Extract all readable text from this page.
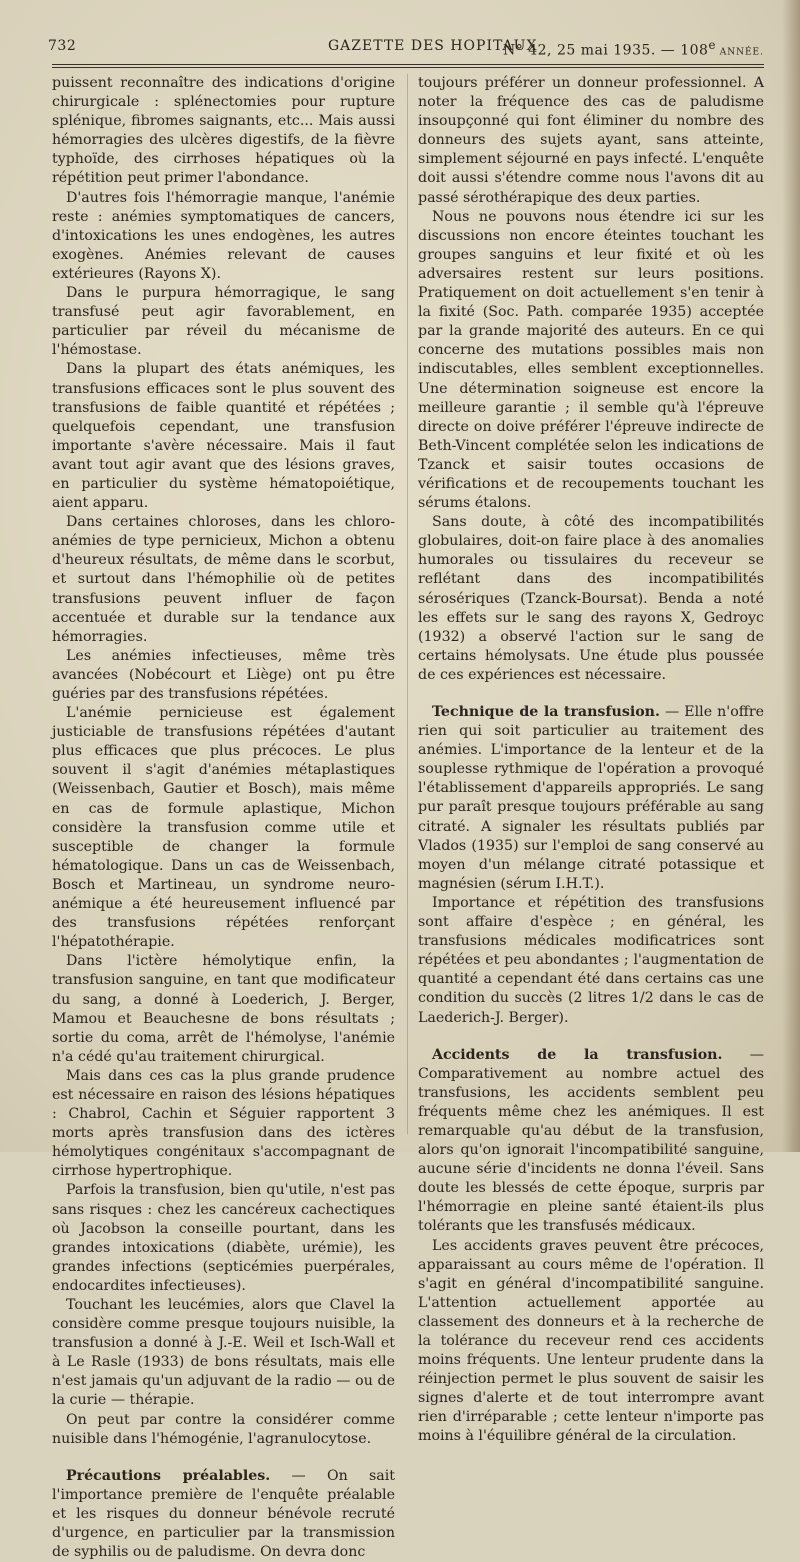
732	GAZETTE DES HOPITAUX
N° 42, 25 mai 1935. — 108e ANNÉE.

puissent reconnaître des indications d'origine chirurgicale : splénectomies pour rupture splénique, fibromes saignants, etc... Mais aussi hémorragies des ulcères digestifs, de la fièvre typhoïde, des cirrhoses hépatiques où la répétition peut primer l'abondance.

D'autres fois l'hémorragie manque, l'anémie reste : anémies symptomatiques de cancers, d'intoxications les unes endogènes, les autres exogènes. Anémies relevant de causes extérieures (Rayons X).

Dans le purpura hémorragique, le sang transfusé peut agir favorablement, en particulier par réveil du mécanisme de l'hémostase.

Dans la plupart des états anémiques, les transfusions efficaces sont le plus souvent des transfusions de faible quantité et répétées ; quelquefois cependant, une transfusion importante s'avère nécessaire. Mais il faut avant tout agir avant que des lésions graves, en particulier du système hématopoiétique, aient apparu.

Dans certaines chloroses, dans les chloro-anémies de type pernicieux, Michon a obtenu d'heureux résultats, de même dans le scorbut, et surtout dans l'hémophilie où de petites transfusions peuvent influer de façon accentuée et durable sur la tendance aux hémorragies.

Les anémies infectieuses, même très avancées (Nobécourt et Liège) ont pu être guéries par des transfusions répétées.

L'anémie pernicieuse est également justiciable de transfusions répétées d'autant plus efficaces que plus précoces. Le plus souvent il s'agit d'anémies métaplastiques (Weissenbach, Gautier et Bosch), mais même en cas de formule aplastique, Michon considère la transfusion comme utile et susceptible de changer la formule hématologique. Dans un cas de Weissenbach, Bosch et Martineau, un syndrome neuro-anémique a été heureusement influencé par des transfusions répétées renforçant l'hépatothérapie.

Dans l'ictère hémolytique enfin, la transfusion sanguine, en tant que modificateur du sang, a donné à Loederich, J. Berger, Mamou et Beauchesne de bons résultats ; sortie du coma, arrêt de l'hémolyse, l'anémie n'a cédé qu'au traitement chirurgical.

Mais dans ces cas la plus grande prudence est nécessaire en raison des lésions hépatiques : Chabrol, Cachin et Séguier rapportent 3 morts après transfusion dans des ictères hémolytiques congénitaux s'accompagnant de cirrhose hypertrophique.

Parfois la transfusion, bien qu'utile, n'est pas sans risques : chez les cancéreux cachectiques où Jacobson la conseille pourtant, dans les grandes intoxications (diabète, urémie), les grandes infections (septicémies puerpérales, endocardites infectieuses).

Touchant les leucémies, alors que Clavel la considère comme presque toujours nuisible, la transfusion a donné à J.-E. Weil et Isch-Wall et à Le Rasle (1933) de bons résultats, mais elle n'est jamais qu'un adjuvant de la radio — ou de la curie — thérapie.

On peut par contre la considérer comme nuisible dans l'hémogénie, l'agranulocytose.

Précautions préalables. — On sait l'importance première de l'enquête préalable et les risques du donneur bénévole recruté d'urgence, en particulier par la transmission de syphilis ou de paludisme. On devra donc

toujours préférer un donneur professionnel. A noter la fréquence des cas de paludisme insoupçonné qui font éliminer du nombre des donneurs des sujets ayant, sans atteinte, simplement séjourné en pays infecté. L'enquête doit aussi s'étendre comme nous l'avons dit au passé sérothérapique des deux parties.

Nous ne pouvons nous étendre ici sur les discussions non encore éteintes touchant les groupes sanguins et leur fixité et où les adversaires restent sur leurs positions. Pratiquement on doit actuellement s'en tenir à la fixité (Soc. Path. comparée 1935) acceptée par la grande majorité des auteurs. En ce qui concerne des mutations possibles mais non indiscutables, elles semblent exceptionnelles. Une détermination soigneuse est encore la meilleure garantie ; il semble qu'à l'épreuve directe on doive préférer l'épreuve indirecte de Beth-Vincent complétée selon les indications de Tzanck et saisir toutes occasions de vérifications et de recoupements touchant les sérums étalons.

Sans doute, à côté des incompatibilités globulaires, doit-on faire place à des anomalies humorales ou tissulaires du receveur se reflétant dans des incompatibilités sérosériques (Tzanck-Boursat). Benda a noté les effets sur le sang des rayons X, Gedroyc (1932) a observé l'action sur le sang de certains hémolysats. Une étude plus poussée de ces expériences est nécessaire.

Technique de la transfusion. — Elle n'offre rien qui soit particulier au traitement des anémies. L'importance de la lenteur et de la souplesse rythmique de l'opération a provoqué l'établissement d'appareils appropriés. Le sang pur paraît presque toujours préférable au sang citraté. A signaler les résultats publiés par Vlados (1935) sur l'emploi de sang conservé au moyen d'un mélange citraté potassique et magnésien (sérum I.H.T.).

Importance et répétition des transfusions sont affaire d'espèce ; en général, les transfusions médicales modificatrices sont répétées et peu abondantes ; l'augmentation de quantité a cependant été dans certains cas une condition du succès (2 litres 1/2 dans le cas de Laederich-J. Berger).

Accidents de la transfusion. — Comparativement au nombre actuel des transfusions, les accidents semblent peu fréquents même chez les anémiques. Il est remarquable qu'au début de la transfusion, alors qu'on ignorait l'incompatibilité sanguine, aucune série d'incidents ne donna l'éveil. Sans doute les blessés de cette époque, surpris par l'hémorragie en pleine santé étaient-ils plus tolérants que les transfusés médicaux.

Les accidents graves peuvent être précoces, apparaissant au cours même de l'opération. Il s'agit en général d'incompatibilité sanguine. L'attention actuellement apportée au classement des donneurs et à la recherche de la tolérance du receveur rend ces accidents moins fréquents. Une lenteur prudente dans la réinjection permet le plus souvent de saisir les signes d'alerte et de tout interrompre avant rien d'irréparable ; cette lenteur n'importe pas moins à l'équilibre général de la circulation.
